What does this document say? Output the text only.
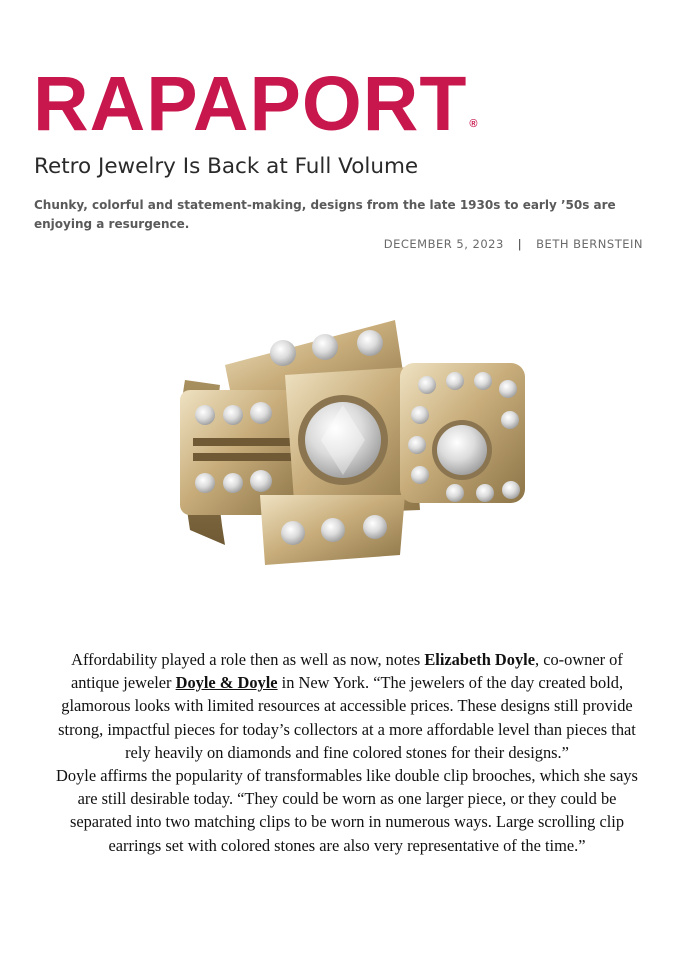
RAPAPORT ®
Retro Jewelry Is Back at Full Volume

Chunky, colorful and statement-making, designs from the late 1930s to early ’50s are enjoying a resurgence.

DECEMBER 5, 2023 | BETH BERNSTEIN

Affordability played a role then as well as now, notes Elizabeth Doyle, co-owner of antique jeweler Doyle & Doyle in New York. “The jewelers of the day created bold, glamorous looks with limited resources at accessible prices. These designs still provide strong, impactful pieces for today’s collectors at a more affordable level than pieces that rely heavily on diamonds and fine colored stones for their designs.”

Doyle affirms the popularity of transformables like double clip brooches, which she says are still desirable today. “They could be worn as one larger piece, or they could be separated into two matching clips to be worn in numerous ways. Large scrolling clip earrings set with colored stones are also very representative of the time.”
